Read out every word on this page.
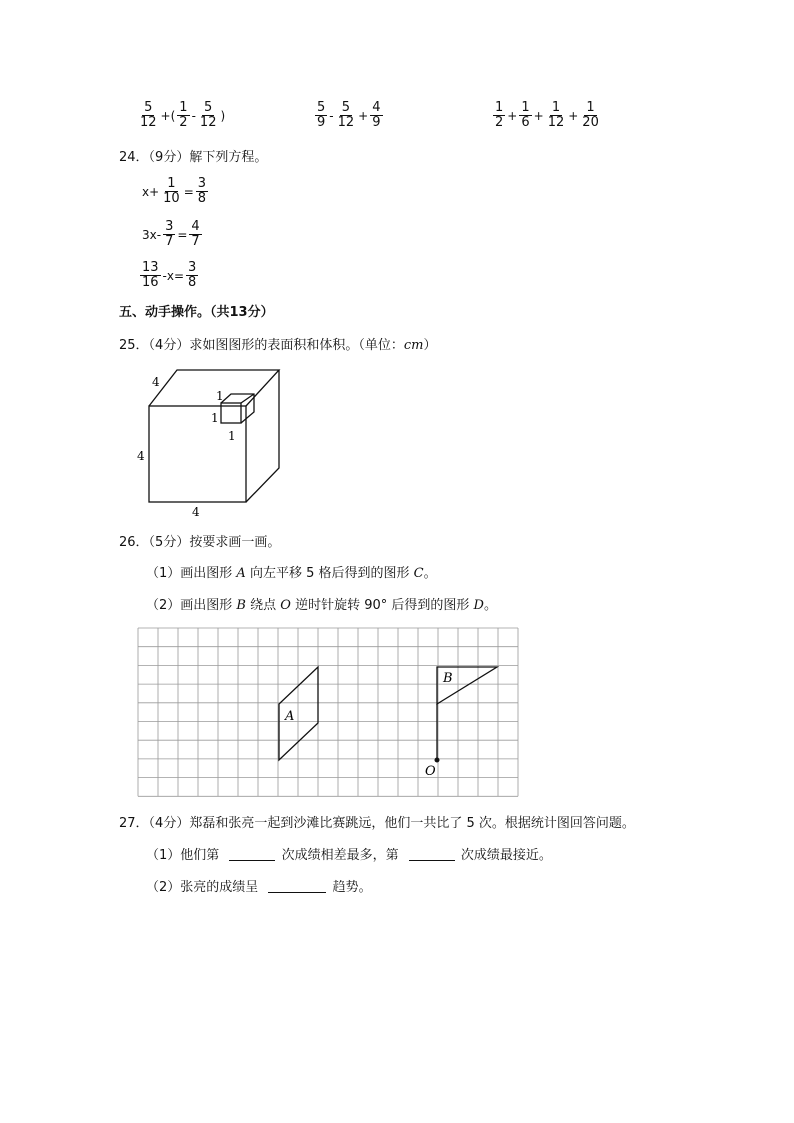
$\frac{5}{12}$ +( $\frac{1}{2} - \frac{5}{12}$ )	$\frac{5}{9} - \frac{5}{12} + \frac{4}{9}$	$\frac{1}{2} + \frac{1}{6} + \frac{1}{12} + \frac{1}{20}$
24．（9分）解下列方程。
$x+ \frac{1}{10} = \frac{3}{8}$
$3x- \frac{3}{7} = \frac{4}{7}$
$\frac{13}{16} -x= \frac{3}{8}$
五、动手操作。（共13分）
25．（4分）求如图图形的表面积和体积。（单位：cm）
4
4
4
1
1
1
26．（5分）按要求画一画。
（1）画出图形 A 向左平移 5 格后得到的图形 C。
（2）画出图形 B 绕点 O 逆时针旋转 90° 后得到的图形 D。
A
B
O
27．（4分）郑磊和张亮一起到沙滩比赛跳远，他们一共比了 5 次。根据统计图回答问题。
（1）他们第	次成绩相差最多，第	次成绩最接近。
（2）张亮的成绩呈	趋势。
